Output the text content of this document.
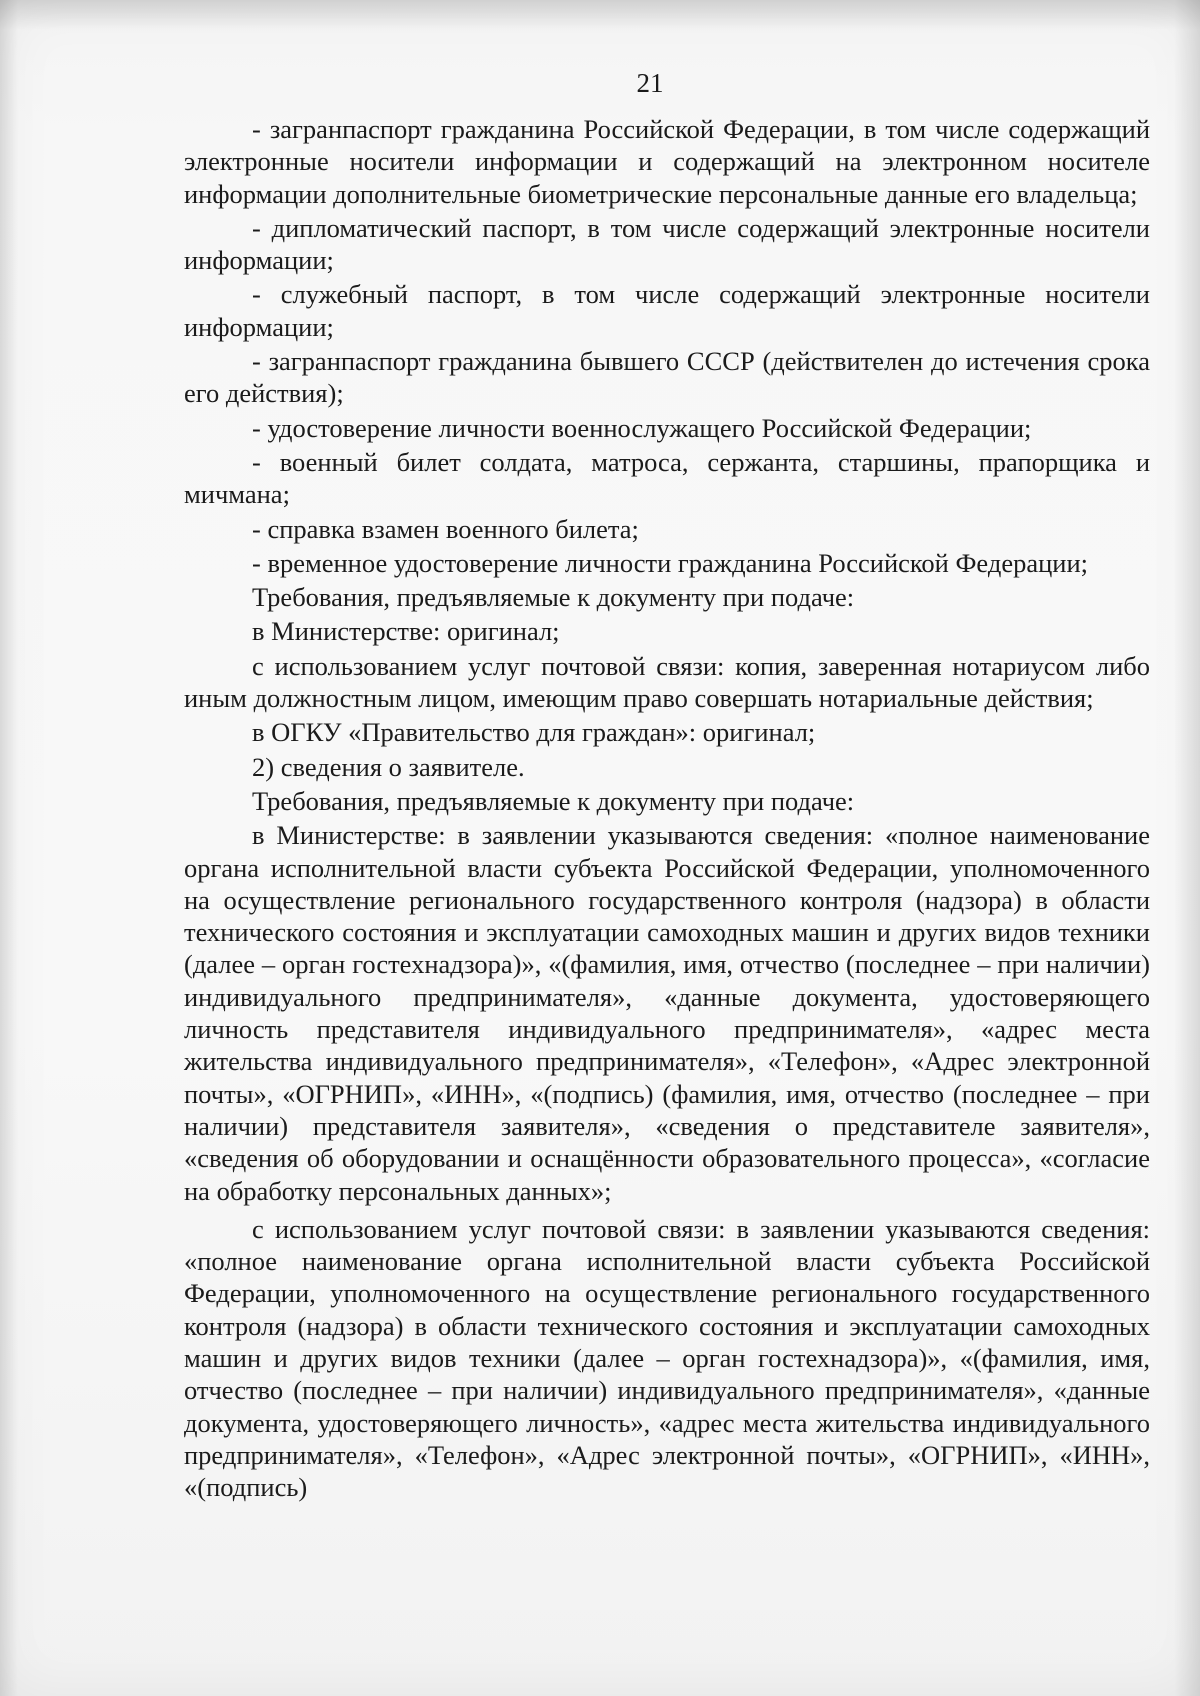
21

- загранпаспорт гражданина Российской Федерации, в том числе содержащий электронные носители информации и содержащий на электронном носителе информации дополнительные биометрические персональные данные его владельца;

- дипломатический паспорт, в том числе содержащий электронные носители информации;

- служебный паспорт, в том числе содержащий электронные носители информации;

- загранпаспорт гражданина бывшего СССР (действителен до истечения срока его действия);

- удостоверение личности военнослужащего Российской Федерации;

- военный билет солдата, матроса, сержанта, старшины, прапорщика и мичмана;

- справка взамен военного билета;

- временное удостоверение личности гражданина Российской Федерации;

Требования, предъявляемые к документу при подаче:

в Министерстве: оригинал;

с использованием услуг почтовой связи: копия, заверенная нотариусом либо иным должностным лицом, имеющим право совершать нотариальные действия;

в ОГКУ «Правительство для граждан»: оригинал;

2) сведения о заявителе.

Требования, предъявляемые к документу при подаче:

в Министерстве: в заявлении указываются сведения: «полное наименование органа исполнительной власти субъекта Российской Федерации, уполномоченного на осуществление регионального государственного контроля (надзора) в области технического состояния и эксплуатации самоходных машин и других видов техники (далее – орган гостехнадзора)», «(фамилия, имя, отчество (последнее – при наличии) индивидуального предпринимателя», «данные документа, удостоверяющего личность представителя индивидуального предпринимателя», «адрес места жительства индивидуального предпринимателя», «Телефон», «Адрес электронной почты», «ОГРНИП», «ИНН», «(подпись) (фамилия, имя, отчество (последнее – при наличии) представителя заявителя», «сведения о представителе заявителя», «сведения об оборудовании и оснащённости образовательного процесса», «согласие на обработку персональных данных»;

с использованием услуг почтовой связи: в заявлении указываются сведения: «полное наименование органа исполнительной власти субъекта Российской Федерации, уполномоченного на осуществление регионального государственного контроля (надзора) в области технического состояния и эксплуатации самоходных машин и других видов техники (далее – орган гостехнадзора)», «(фамилия, имя, отчество (последнее – при наличии) индивидуального предпринимателя», «данные документа, удостоверяющего личность», «адрес места жительства индивидуального предпринимателя», «Телефон», «Адрес электронной почты», «ОГРНИП», «ИНН», «(подпись)
